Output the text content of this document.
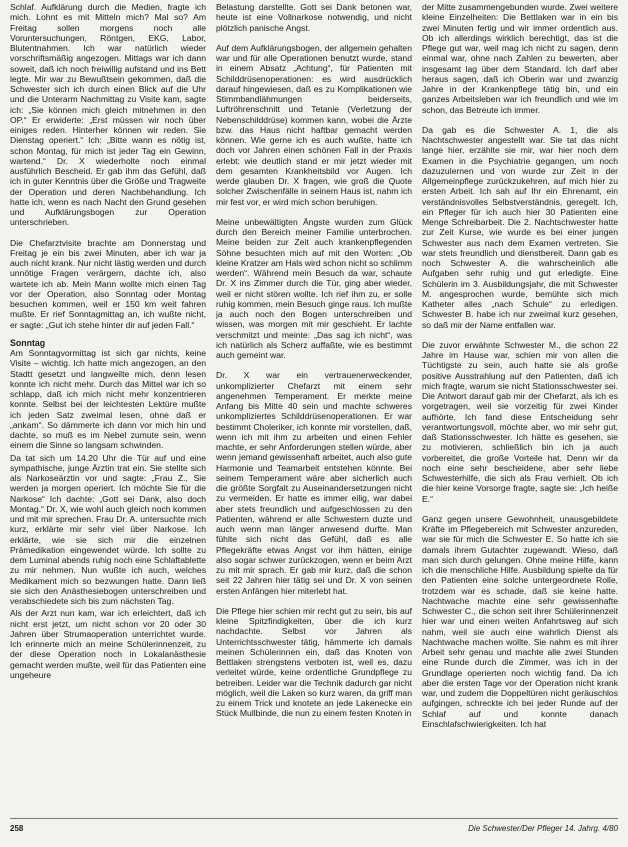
Schlaf. Aufklärung durch die Medien, fragte ich mich. Lohnt es mit Mitteln mich? Mal so? Am Freitag sollen morgens noch alle Voruntersuchungen, Röntgen, EKG, Labor, Blutentnahmen. Ich war natürlich wieder vorschriftsmäßig angezogen. Mittags war ich dann soweit, daß ich noch freiwillig aufstand und ins Bett legte. Mir war zu Bewußtsein gekommen, daß die Schwester sich ich durch einen Blick auf die Uhr und die Unterarm Nachmittag zu Visite kam, sagte ich: „Sie können mich gleich mitnehmen in den OP.“ Er erwiderte: „Erst müssen wir noch über einiges reden. Hinterher können wir reden. Sie Dienstag operiert.“ Ich: „Bitte wann es nötig ist, schon Montag, für mich ist jeder Tag ein Gewinn, wartend.“ Dr. X wiederholte noch einmal ausführlich Bescheid. Er gab ihm das Gefühl, daß ich in guter Kenntnis über die Größe und Tragweite der Operation und deren Nachbehandlung. Ich hatte ich, wenn es nach Nacht den Grund gesehen und Aufklärungsbogen zur Operation unterschrieben.

Die Chefarztvisite brachte am Donnerstag und Freitag je ein bis zwei Minuten, aber ich war ja auch nicht krank. Nur nicht lästig werden und durch unnötige Fragen verärgern, dachte ich, also wartete ich ab. Mein Mann wollte mich einen Tag vor der Operation, also Sonntag oder Montag besuchen kommen, weil er 150 km weit fahren mußte. Er rief Sonntagmittag an, ich wußte nicht, er sagte: „Gut ich stehe hinter dir auf jeden Fall.“

Sonntag

Am Sonntagvormittag ist sich gar nichts, keine Visite – wichtig. Ich hatte mich angezogen, an den Stadtt gesetzt und langweilte mich, denn lesen konnte ich nicht mehr. Durch das Mittel war ich so schlapp, daß ich mich nicht mehr konzentrieren konnte. Selbst bei der leichtesten Lektüre mußte ich jeden Satz zweimal lesen, ohne daß er „ankam“. So dämmerte ich dann vor mich hin und dachte, so muß es im Nebel zumute sein, wenn einem die Sinne so langsam schwinden.

Da tat sich um 14.20 Uhr die Tür auf und eine sympathische, junge Ärztin trat ein. Sie stellte sich als Narkoseärztin vor und sagte: „Frau Z., Sie werden ja morgen operiert. Ich möchte Sie für die Narkose“ Ich dachte: „Gott sei Dank, also doch Montag.“ Dr. X, wie wohl auch gleich noch kommen und mit mir sprechen. Frau Dr. A. untersuchte mich kurz, erklärte mir sehr viel über Narkose. Ich erklärte, wie sie sich mir die einzelnen Prämedikation eingewendet würde. Ich sollte zu dem Luminal abends ruhig noch eine Schlaftablette zu mir nehmen. Nun wußte ich auch, welches Medikament mich so bezwungen hatte. Dann ließ sie sich den Anästhesiebogen unterschreiben und verabschiedete sich bis zum nächsten Tag.

Als der Arzt nun kam, war ich erleichtert, daß ich nicht erst jetzt, um nicht schon vor 20 oder 30 Jahren über Strumaoperation unterrichtet wurde. Ich erinnerte mich an meine Schülerinnenzeit, zu der diese Operation noch in Lokalanästhesie gemacht werden mußte, weil für das Patienten eine ungeheure

Belastung darstellte. Gott sei Dank betonen war, heute ist eine Vollnarkose notwendig, und nicht plötzlich panische Angst.

Auf dem Aufklärungsbogen, der allgemein gehalten war und für alle Operationen benutzt wurde, stand in einem Absatz „Achtung“, für Patienten mit Schilddrüsenoperationen: es wird ausdrücklich darauf hingewiesen, daß es zu Komplikationen wie Stimmbandlähmungen beiderseits, Luftröhrenschnitt und Tetanie (Verletzung der Nebenschilddrüse) kommen kann, wobei die Ärzte bzw. das Haus nicht haftbar gemacht werden können. Wie gerne ich es auch wußte, hatte ich doch vor Jahren einen schönen Fall in der Praxis erlebt: wie deutlich stand er mir jetzt wieder mit dem gesamten Krankheitsbild vor Augen. Ich werde glauben Dr. X fragen, wie groß die Quote solcher Zwischenfälle in seinem Haus ist, nahm ich mir fest vor, er wird mich schon beruhigen.

Meine unbewältigten Ängste wurden zum Glück durch den Bereich meiner Familie unterbrochen. Meine beiden zur Zeit auch krankenpflegenden Söhne besuchten mich auf mit den Worten: „Ob kleine Kratzer am Hals wird schon nicht so schlimm werden“. Während mein Besuch da war, schaute Dr. X ins Zimmer durch die Tür, ging aber wieder, weil er nicht stören wollte. Ich rief ihm zu, er solle ruhig kommen, mein Besuch ginge raus. Ich mußte ja auch noch den Bogen unterschreiben und wissen, was morgen mit mir geschieht. Er lachte verschmitzt und meinte: „Das sag ich nicht“, was ich natürlich als Scherz auffaßte, wie es bestimmt auch gemeint war.

Dr. X war ein vertrauenerweckender, unkomplizierter Chefarzt mit einem sehr angenehmen Temperament. Er merkte meine Anfang bis Mitte 40 sein und machte schweres unkompliziertes Schilddrüsenoperationen. Er war bestimmt Choleriker, ich konnte mir vorstellen, daß, wenn ich mit ihm zu arbeiten und einen Fehler machte, er sehr Anforderungen stellen würde, aber wenn jemand gewissenhaft arbeitet, auch also gute Harmonie und Teamarbeit entstehen könnte. Bei seinem Temperament wäre aber sicherlich auch die größte Sorgfalt zu Auseinandersetzungen nicht zu vermeiden. Er hatte es immer eilig, war dabei aber stets freundlich und aufgeschlossen zu den Patienten, während er alle Schwestern duzte und auch wenn man länger anwesend durfte. Man fühlte sich nicht das Gefühl, daß es alle Pflegekräfte etwas Angst vor ihm hätten, einige also sogar schwer zurückzogen, wenn er beim Arzt zu mit mir sprach. Er gab mir kurz, daß die schon seit 22 Jahren hier tätig sei und Dr. X von seinen ersten Anfängen hier miterlebt hat.

Die Pflege hier schien mir recht gut zu sein, bis auf kleine Spitzfindigkeiten, über die ich kurz nachdachte. Selbst vor Jahren als Unterrichtsschwester tätig, hämmerte ich damals meinen Schülerinnen ein, daß das Knoten von Bettlaken strengstens verboten ist, weil es, dazu verleitet würde, keine ordentliche Grundpflege zu betreiben. Leider war die Technik dadurch gar nicht möglich, weil die Laken so kurz waren, da griff man zu einem Trick und knotete an jede Lakenecke ein Stück Mullbinde, die nun zu einem festen Knoten in

der Mitte zusammengebunden wurde. Zwei weitere kleine Einzelheiten: Die Bettlaken war in ein bis zwei Minuten fertig und wir immer ordentlich aus. Ob ich allerdings wirklich berechtigt, das ist die Pflege gut war, weil mag ich nicht zu sagen, denn einmal war, ohne nach Zahlen zu bewerten, aber insgesamt lag über dem Standard. Ich darf aber heraus sagen, daß ich Oberin war und zwanzig Jahre in der Krankenpflege tätig bin, und ein ganzes Arbeitsleben war ich freundlich und wie im schon, das Betreute ich immer.

Da gab es die Schwester A. 1, die als Nachtschwester angestellt war. Sie tat das nicht lange hier, erzählte sie mir, war hier noch dem Examen in die Psychiatrie gegangen, um noch dazuzulernen und von wurde zur Zeit in der Allgemeinpflege zurückzukehren, auf mich hier zu ersten Arbeit. Ich sah auf Ihr ein Ehrenamt, ein verständnisvolles Selbstverständnis, geregelt. Ich, ein Pfleger für ich auch hier 30 Patienten eine Menge Schreibarbeit. Die 2. Nachtschwester hatte zur Zeit Kurse, wie wurde es bei einer jungen Schwester aus nach dem Examen vertreten. Sie war stets freundlich und dienstbereit. Dann gab es noch Schwester A. die wahrscheinlich alle Aufgaben sehr ruhig und gut erledigte. Eine Schülerin im 3. Ausbildungsjahr, die mit Schwester M. angesprochen wurde, bemühte sich mich Katheter alles „nach Schule“ zu erledigen. Schwester B. habe ich nur zweimal kurz gesehen, so daß mir der Name entfallen war.

Die zuvor erwähnte Schwester M., die schon 22 Jahre im Hause war, schien mir von allen die Tüchtigste zu sein, auch hatte sie als große positive Ausstrahlung auf den Patienten, daß ich mich fragte, warum sie nicht Stationsschwester sei. Die Antwort darauf gab mir der Chefarzt, als ich es vorgetragen, weil sie vorzeitig für zwei Kinder aufhörte. Ich fand diese Entscheidung sehr verantwortungsvoll, möchte aber, wo mir sehr gut, daß Stationsschwester. Ich hätte es gesehen, sie zu motivieren, schließlich bin ich ja auch vorbereitet, die große Vorteile hat. Denn wir da noch eine sehr bescheidene, aber sehr liebe Schwesterhilfe, die sich als Frau verhielt. Ob ich die hier keine Vorsorge fragte, sagte sie: „Ich heiße E.“

Ganz gegen unsere Gewohnheit, unausgebildete Kräfte im Pflegebereich mit Schwester anzureden, war sie für mich die Schwester E. So hatte ich sie damals ihrem Gutachter zugewandt. Wieso, daß man sich durch gelungen. Ohne meine Hilfe, kann ich die menschliche Hilfe. Ausbildung spielte da für den Patienten eine solche untergeordnete Rolle, trotzdem war es schade, daß sie keine hatte. Nachtwache machte eine sehr gewissenhafte Schwester C., die schon seit ihrer Schülerinnenzeit hier war und einen weiten Anfahrtsweg auf sich nahm, weil sie auch eine wahrlich Dienst als Nachtwache machen wollte. Sie nahm es mit ihrer Arbeit sehr genau und machte alle zwei Stunden eine Runde durch die Zimmer, was ich in der Grundlage operierten noch wichtig fand. Da ich aber die ersten Tage vor der Operation nicht krank war, und zudem die Doppeltüren nicht geräuschlos aufgingen, schreckte ich bei jeder Runde auf der Schlaf auf und konnte danach Einschlafschwierigkeiten. Ich hat

258	Die Schwester/Der Pfleger 14. Jahrg. 4/80
